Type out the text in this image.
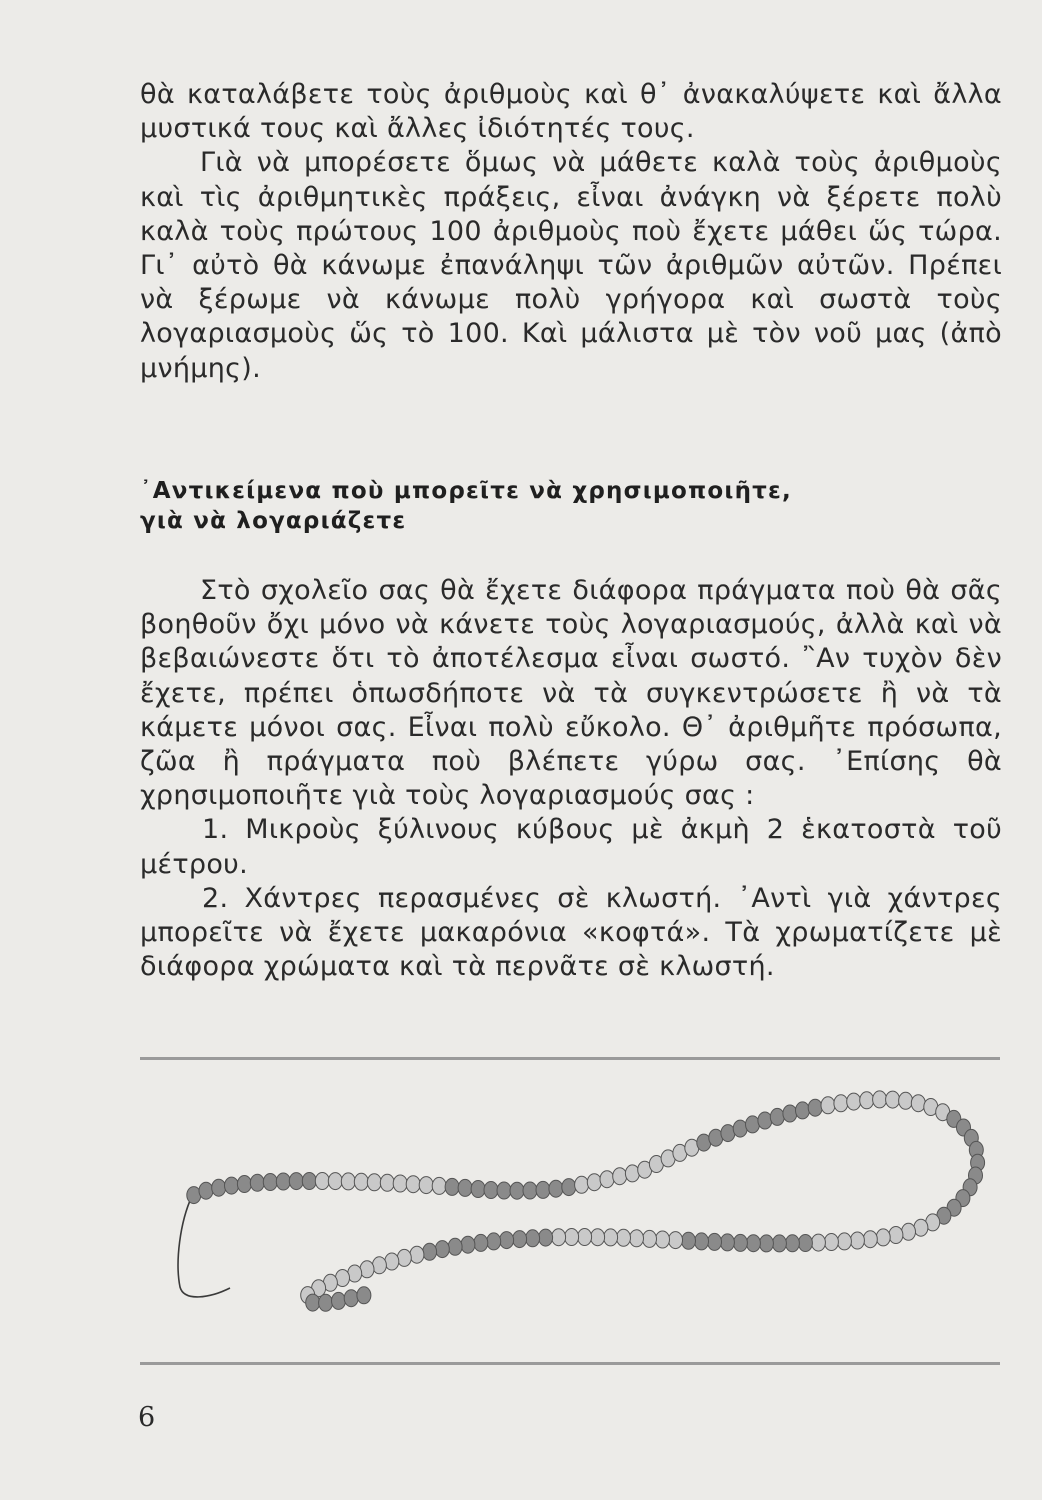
θὰ καταλάβετε τοὺς ἀριθμοὺς καὶ θ᾽ ἀνακαλύψετε καὶ ἄλλα μυστικά τους καὶ ἄλλες ἰδιότητές τους.

Γιὰ νὰ μπορέσετε ὅμως νὰ μάθετε καλὰ τοὺς ἀριθμοὺς καὶ τὶς ἀριθμητικὲς πράξεις, εἶναι ἀνάγκη νὰ ξέρετε πολὺ καλὰ τοὺς πρώτους 100 ἀριθμοὺς ποὺ ἔχετε μάθει ὥς τώρα. Γι᾽ αὐτὸ θὰ κάνωμε ἐπανάληψι τῶν ἀριθμῶν αὐτῶν. Πρέπει νὰ ξέρωμε νὰ κάνωμε πολὺ γρήγορα καὶ σωστὰ τοὺς λογαριασμοὺς ὥς τὸ 100. Καὶ μάλιστα μὲ τὸν νοῦ μας (ἀπὸ μνήμης).

᾽Αντικείμενα ποὺ μπορεῖτε νὰ χρησιμοποιῆτε,
γιὰ νὰ λογαριάζετε

Στὸ σχολεῖο σας θὰ ἔχετε διάφορα πράγματα ποὺ θὰ σᾶς βοηθοῦν ὄχι μόνο νὰ κάνετε τοὺς λογαριασμούς, ἀλλὰ καὶ νὰ βεβαιώνεστε ὅτι τὸ ἀποτέλεσμα εἶναι σωστό. ῍Αν τυχὸν δὲν ἔχετε, πρέπει ὁπωσδήποτε νὰ τὰ συγκεντρώσετε ἢ νὰ τὰ κάμετε μόνοι σας. Εἶναι πολὺ εὔκολο. Θ᾽ ἀριθμῆτε πρόσωπα, ζῶα ἢ πράγματα ποὺ βλέπετε γύρω σας. ᾽Επίσης θὰ χρησιμοποιῆτε γιὰ τοὺς λογαριασμούς σας :

1. Μικροὺς ξύλινους κύβους μὲ ἀκμὴ 2 ἑκατοστὰ τοῦ μέτρου.

2. Χάντρες περασμένες σὲ κλωστή. ᾽Αντὶ γιὰ χάντρες μπορεῖτε νὰ ἔχετε μακαρόνια «κοφτά». Τὰ χρωματίζετε μὲ διάφορα χρώματα καὶ τὰ περνᾶτε σὲ κλωστή.

6
